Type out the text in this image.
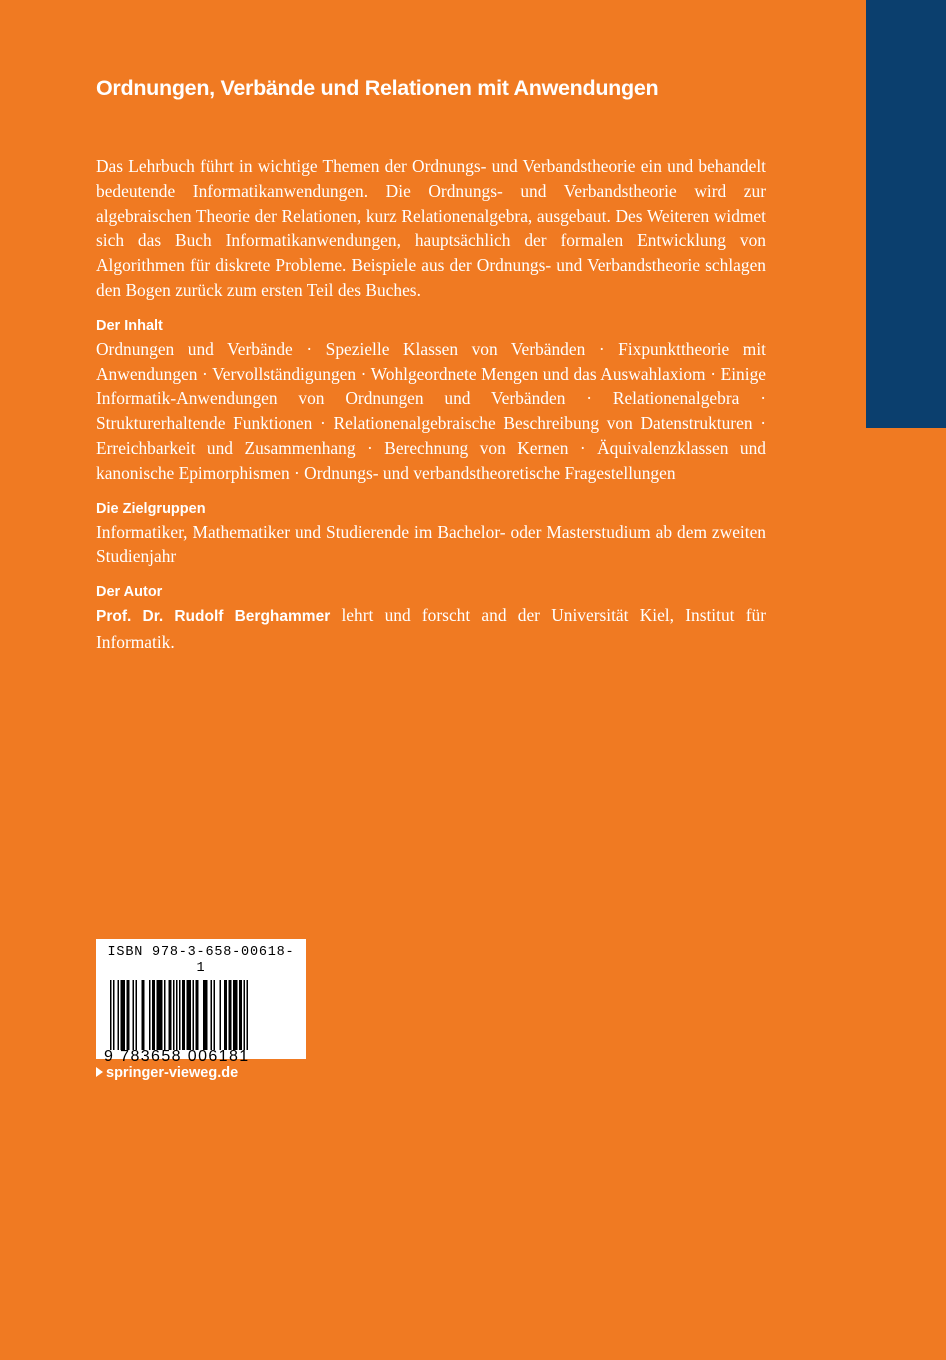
Ordnungen, Verbände und Relationen mit Anwendungen

Das Lehrbuch führt in wichtige Themen der Ordnungs- und Verbandstheorie ein und behandelt bedeutende Informatikanwendungen. Die Ordnungs- und Verbandstheorie wird zur algebraischen Theorie der Relationen, kurz Relationenalgebra, ausgebaut. Des Weiteren widmet sich das Buch Informatikanwendungen, hauptsächlich der formalen Entwicklung von Algorithmen für diskrete Probleme. Beispiele aus der Ordnungs- und Verbandstheorie schlagen den Bogen zurück zum ersten Teil des Buches.

Der Inhalt

Ordnungen und Verbände · Spezielle Klassen von Verbänden · Fixpunkttheorie mit Anwendungen · Vervollständigungen · Wohlgeordnete Mengen und das Auswahlaxiom · Einige Informatik-Anwendungen von Ordnungen und Verbänden · Relationenalgebra · Strukturerhaltende Funktionen · Relationenalgebraische Beschreibung von Datenstrukturen · Erreichbarkeit und Zusammenhang · Berechnung von Kernen · Äquivalenzklassen und kanonische Epimorphismen · Ordnungs- und verbandstheoretische Fragestellungen

Die Zielgruppen

Informatiker, Mathematiker und Studierende im Bachelor- oder Masterstudium ab dem zweiten Studienjahr

Der Autor

Prof. Dr. Rudolf Berghammer lehrt und forscht and der Universität Kiel, Institut für Informatik.

ISBN 978-3-658-00618-1
9 783658 006181
springer-vieweg.de
